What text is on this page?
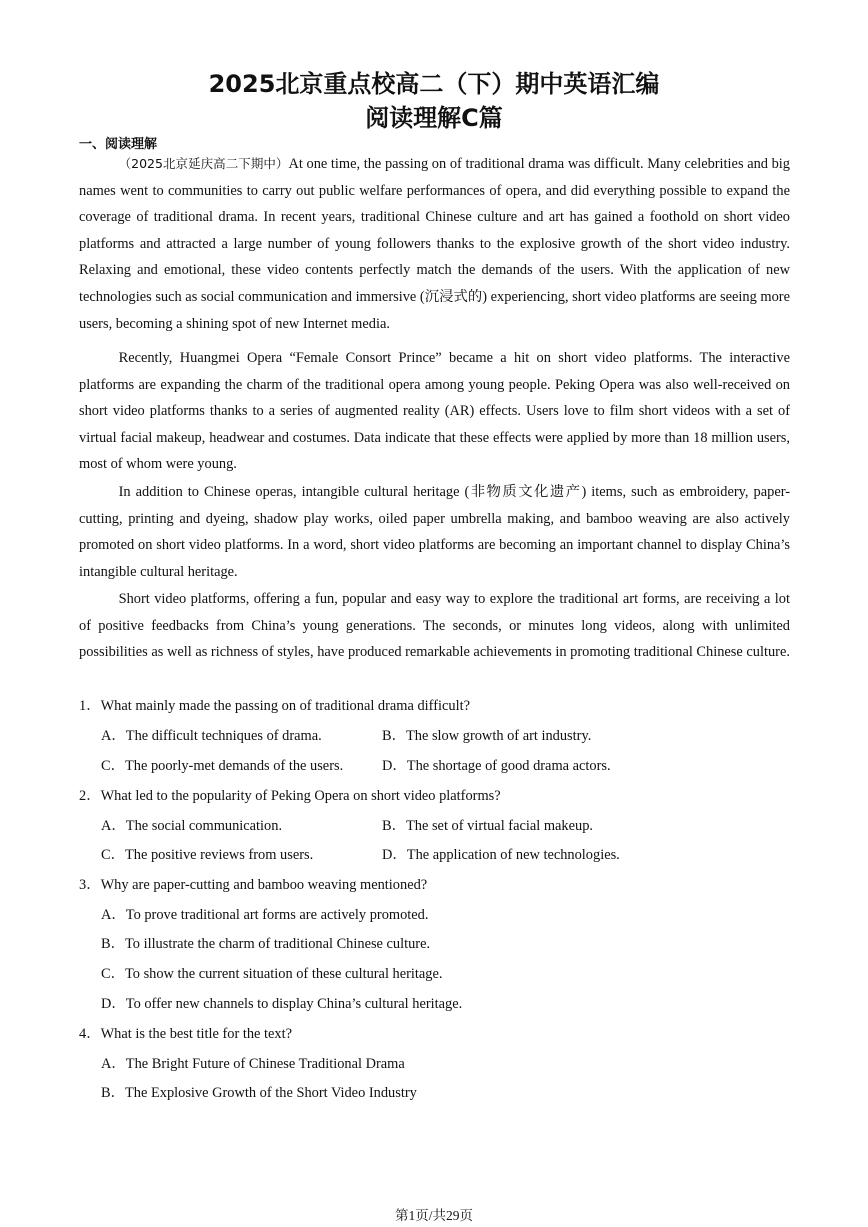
2025北京重点校高二（下）期中英语汇编
阅读理解C篇
一、阅读理解

（2025北京延庆高二下期中）At one time, the passing on of traditional drama was difficult. Many celebrities and big names went to communities to carry out public welfare performances of opera, and did everything possible to expand the coverage of traditional drama. In recent years, traditional Chinese culture and art has gained a foothold on short video platforms and attracted a large number of young followers thanks to the explosive growth of the short video industry. Relaxing and emotional, these video contents perfectly match the demands of the users. With the application of new technologies such as social communication and immersive (沉浸式的) experiencing, short video platforms are seeing more users, becoming a shining spot of new Internet media.

Recently, Huangmei Opera “Female Consort Prince” became a hit on short video platforms. The interactive platforms are expanding the charm of the traditional opera among young people. Peking Opera was also well-received on short video platforms thanks to a series of augmented reality (AR) effects. Users love to film short videos with a set of virtual facial makeup, headwear and costumes. Data indicate that these effects were applied by more than 18 million users, most of whom were young.

In addition to Chinese operas, intangible cultural heritage (非物质文化遗产) items, such as embroidery, paper-cutting, printing and dyeing, shadow play works, oiled paper umbrella making, and bamboo weaving are also actively promoted on short video platforms. In a word, short video platforms are becoming an important channel to display China’s intangible cultural heritage.

Short video platforms, offering a fun, popular and easy way to explore the traditional art forms, are receiving a lot of positive feedbacks from China’s young generations. The seconds, or minutes long videos, along with unlimited possibilities as well as richness of styles, have produced remarkable achievements in promoting traditional Chinese culture.

1．What mainly made the passing on of traditional drama difficult?

A．The difficult techniques of drama.	B．The slow growth of art industry.

C．The poorly-met demands of the users.	D．The shortage of good drama actors.

2．What led to the popularity of Peking Opera on short video platforms?

A．The social communication.	B．The set of virtual facial makeup.

C．The positive reviews from users.	D．The application of new technologies.

3．Why are paper-cutting and bamboo weaving mentioned?

A．To prove traditional art forms are actively promoted.

B．To illustrate the charm of traditional Chinese culture.

C．To show the current situation of these cultural heritage.

D．To offer new channels to display China’s cultural heritage.

4．What is the best title for the text?

A．The Bright Future of Chinese Traditional Drama

B．The Explosive Growth of the Short Video Industry

第1页/共29页
